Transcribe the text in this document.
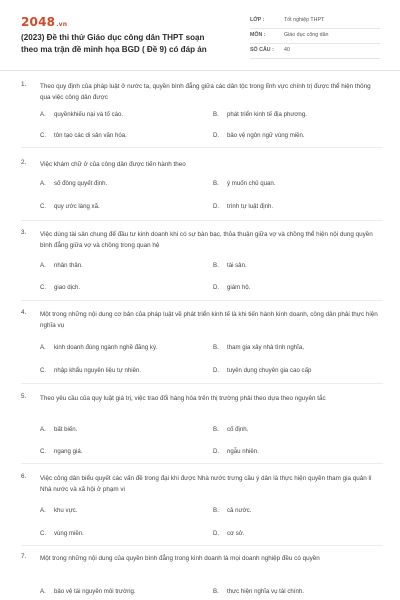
2048.vn
(2023) Đề thi thử Giáo dục công dân THPT soạn theo ma trận đề minh họa BGD ( Đề 9) có đáp án
LỚP :	Tốt nghiệp THPT
MÔN :	Giáo dục công dân
SỐ CÂU : 40
1. Theo quy định của pháp luật ở nước ta, quyền bình đẳng giữa các dân tộc trong lĩnh vực chính trị được thể hiện thông qua việc công dân được
A. quyềnkhiếu nại và tố cáo.	B. phát triển kinh tế địa phương.
C. tôn tạo các di sản văn hóa.	D. bảo vệ ngôn ngữ vùng miền.
2. Việc khám chữ ở của công dân được tiến hành theo
A. số đông quyết định.	B. ý muốn chủ quan.
C. quy ước làng xã.	D. trình tự luật định.
3. Việc dùng tài sản chung để đầu tư kinh doanh khi có sự bàn bạc, thỏa thuận giữa vợ và chồng thể hiện nội dung quyền bình đẳng giữa vợ và chồng trong quan hệ
A. nhân thân.	B. tài sản.
C. giao dịch.	D. giám hộ.
4. Một trong những nội dung cơ bản của pháp luật về phát triển kinh tế là khi tiến hành kinh doanh, công dân phải thực hiện nghĩa vụ
A. kinh doanh đúng ngành nghề đăng ký.	B. tham gia xây nhà tình nghĩa,
C. nhập khẩu nguyên liệu tự nhiên.	D. tuyên dụng chuyên gia cao cấp
5. Theo yêu cầu của quy luật giá trị, việc trao đổi hàng hóa trên thị trường phải theo dựa theo nguyên tắc
A. bất biến.	B. cố định.
C. ngang giá.	D. ngẫu nhiên.
6. Việc công dân biểu quyết các vấn đề trong đại khi được Nhà nước trưng cầu ý dân là thực hiện quyền tham gia quản lí Nhà nước và xã hội ở phạm vi
A. khu vực.	B. cả nước.
C. vùng miền.	D. cơ sở.
7. Một trong những nội dung của quyền bình đẳng trong kinh doanh là mọi doanh nghiệp đều có quyền
A. bảo vệ tài nguyên môi trường.	B. thực hiện nghĩa vụ tài chính.
